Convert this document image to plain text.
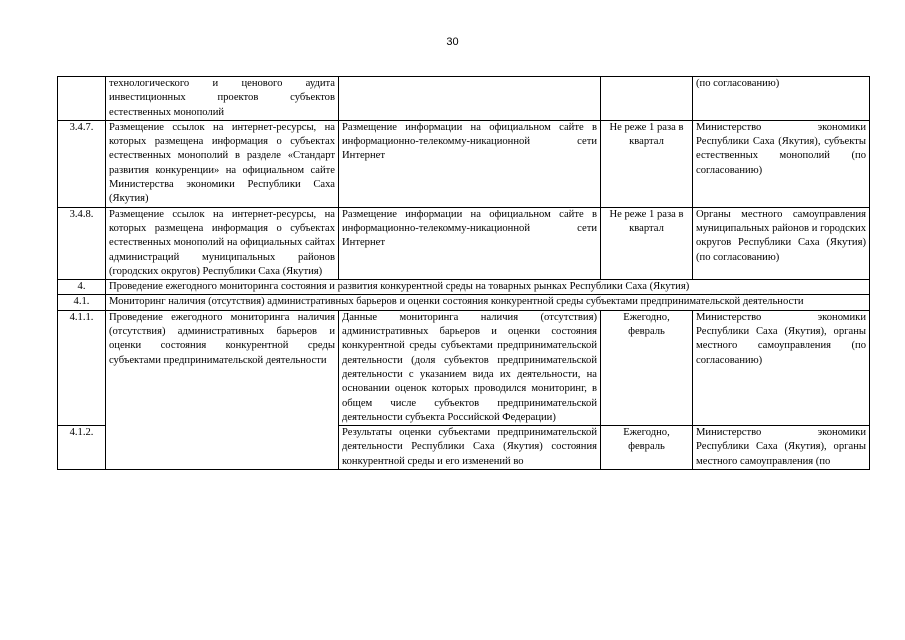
30
	технологического и ценового аудита инвестиционных проектов субъектов естественных монополий			(по согласованию)
3.4.7.	Размещение ссылок на интернет-ресурсы, на которых размещена информация о субъектах естественных монополий в разделе «Стандарт развития конкуренции» на официальном сайте Министерства экономики Республики Саха (Якутия)	Размещение информации на официальном сайте в информационно-телекомму-никационной сети Интернет	Не реже 1 раза в квартал	Министерство экономики Республики Саха (Якутия), субъекты естественных монополий (по согласованию)
3.4.8.	Размещение ссылок на интернет-ресурсы, на которых размещена информация о субъектах естественных монополий на официальных сайтах администраций муниципальных районов (городских округов) Республики Саха (Якутия)	Размещение информации на официальном сайте в информационно-телекомму-никационной сети Интернет	Не реже 1 раза в квартал	Органы местного самоуправления муниципальных районов и городских округов Республики Саха (Якутия) (по согласованию)
4.	Проведение ежегодного мониторинга состояния и развития конкурентной среды на товарных рынках Республики Саха (Якутия)			
4.1.	Мониторинг наличия (отсутствия) административных барьеров и оценки состояния конкурентной среды субъектами предпринимательской деятельности			
4.1.1.	Проведение ежегодного мониторинга наличия (отсутствия) административных барьеров и оценки состояния конкурентной среды субъектами предпринимательской деятельности	Данные мониторинга наличия (отсутствия) административных барьеров и оценки состояния конкурентной среды субъектами предпринимательской деятельности (доля субъектов предпринимательской деятельности с указанием вида их деятельности, на основании оценок которых проводился мониторинг, в общем числе субъектов предпринимательской деятельности субъекта Российской Федерации)	Ежегодно, февраль	Министерство экономики Республики Саха (Якутия), органы местного самоуправления (по согласованию)
4.1.2.		Результаты оценки субъектами предпринимательской деятельности Республики Саха (Якутия) состояния конкурентной среды и его изменений во	Ежегодно, февраль	Министерство экономики Республики Саха (Якутия), органы местного самоуправления (по
